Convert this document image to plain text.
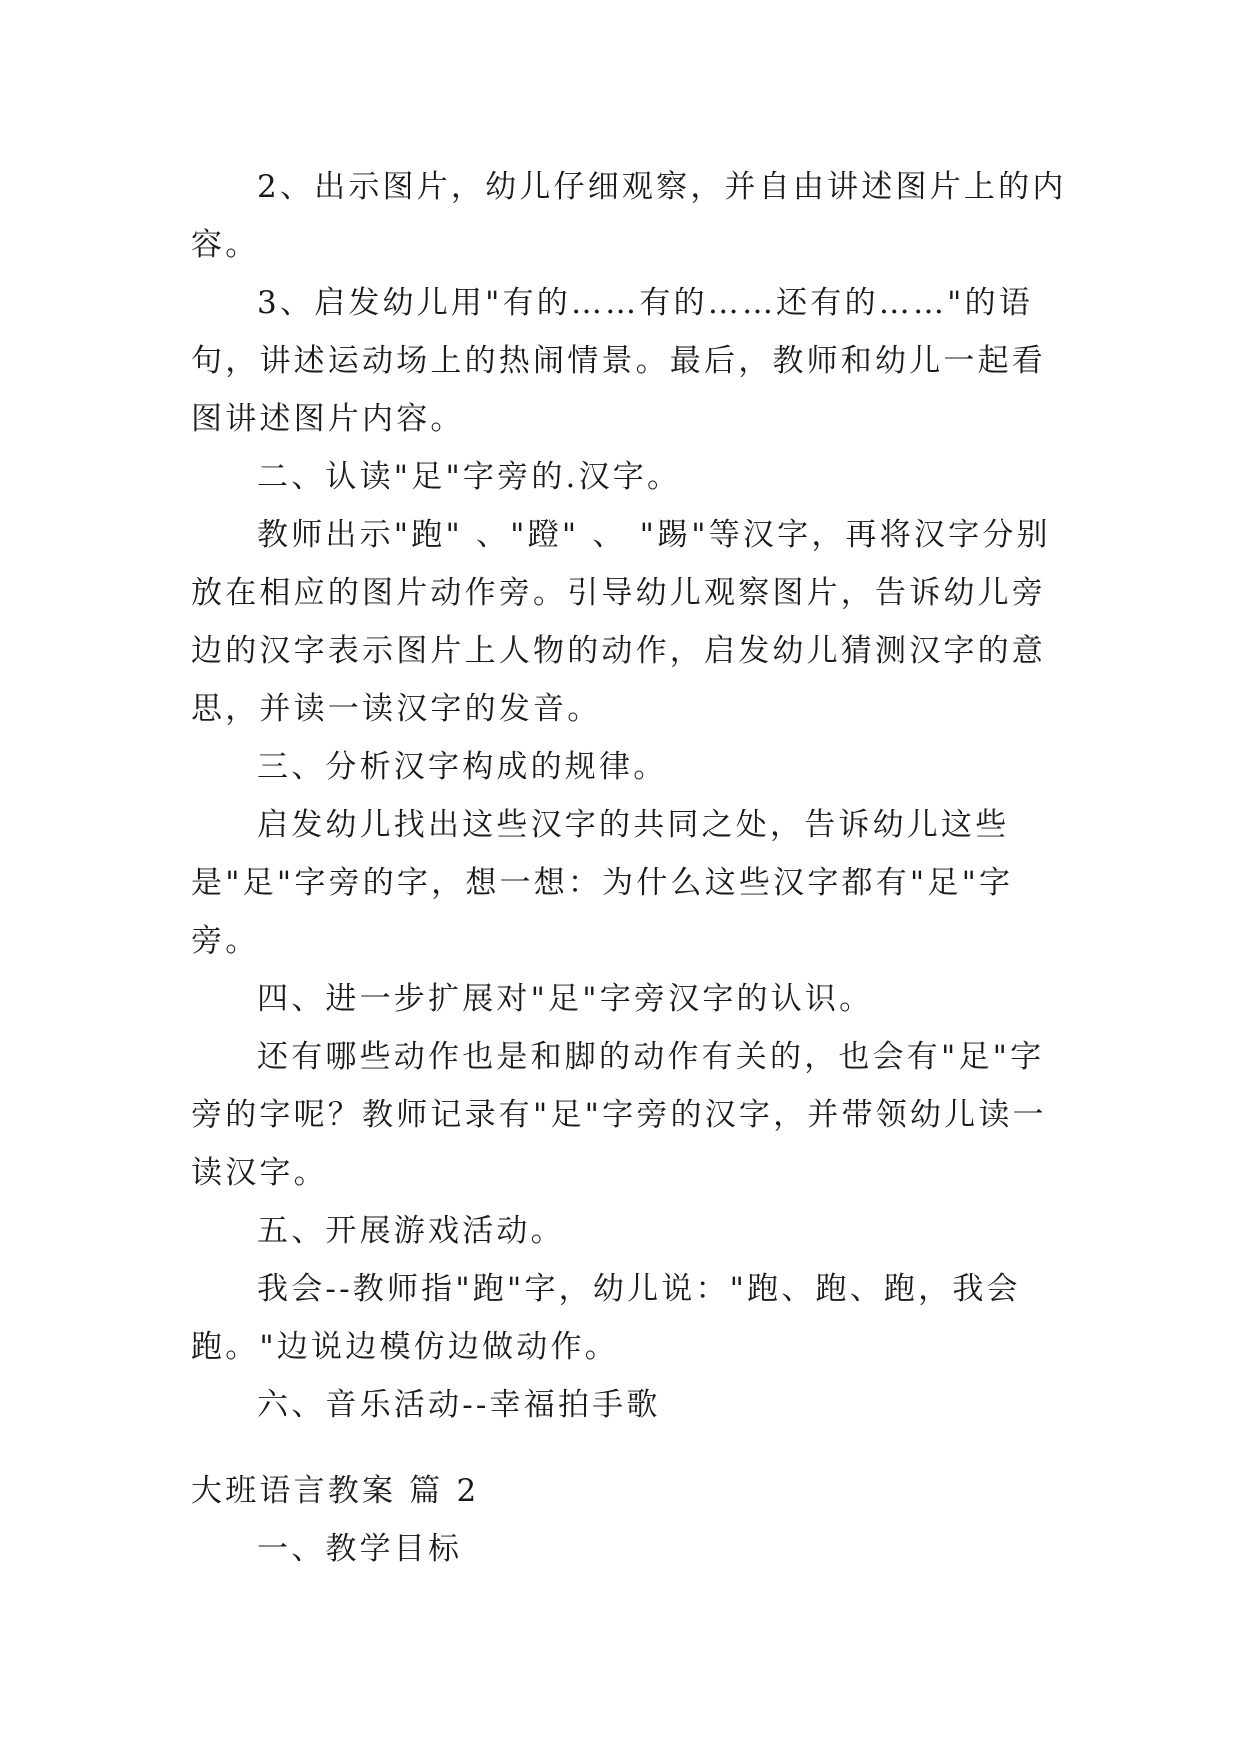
2、出示图片，幼儿仔细观察，并自由讲述图片上的内容。

3、启发幼儿用"有的……有的……还有的……"的语句，讲述运动场上的热闹情景。最后，教师和幼儿一起看图讲述图片内容。

二、认读"足"字旁的.汉字。

教师出示"跑" 、"蹬" 、 "踢"等汉字，再将汉字分别放在相应的图片动作旁。引导幼儿观察图片，告诉幼儿旁边的汉字表示图片上人物的动作，启发幼儿猜测汉字的意思，并读一读汉字的发音。

三、分析汉字构成的规律。

启发幼儿找出这些汉字的共同之处，告诉幼儿这些是"足"字旁的字，想一想：为什么这些汉字都有"足"字旁。

四、进一步扩展对"足"字旁汉字的认识。

还有哪些动作也是和脚的动作有关的，也会有"足"字旁的字呢？教师记录有"足"字旁的汉字，并带领幼儿读一读汉字。

五、开展游戏活动。

我会--教师指"跑"字，幼儿说："跑、跑、跑，我会跑。"边说边模仿边做动作。

六、音乐活动--幸福拍手歌

大班语言教案 篇 2

一、教学目标
